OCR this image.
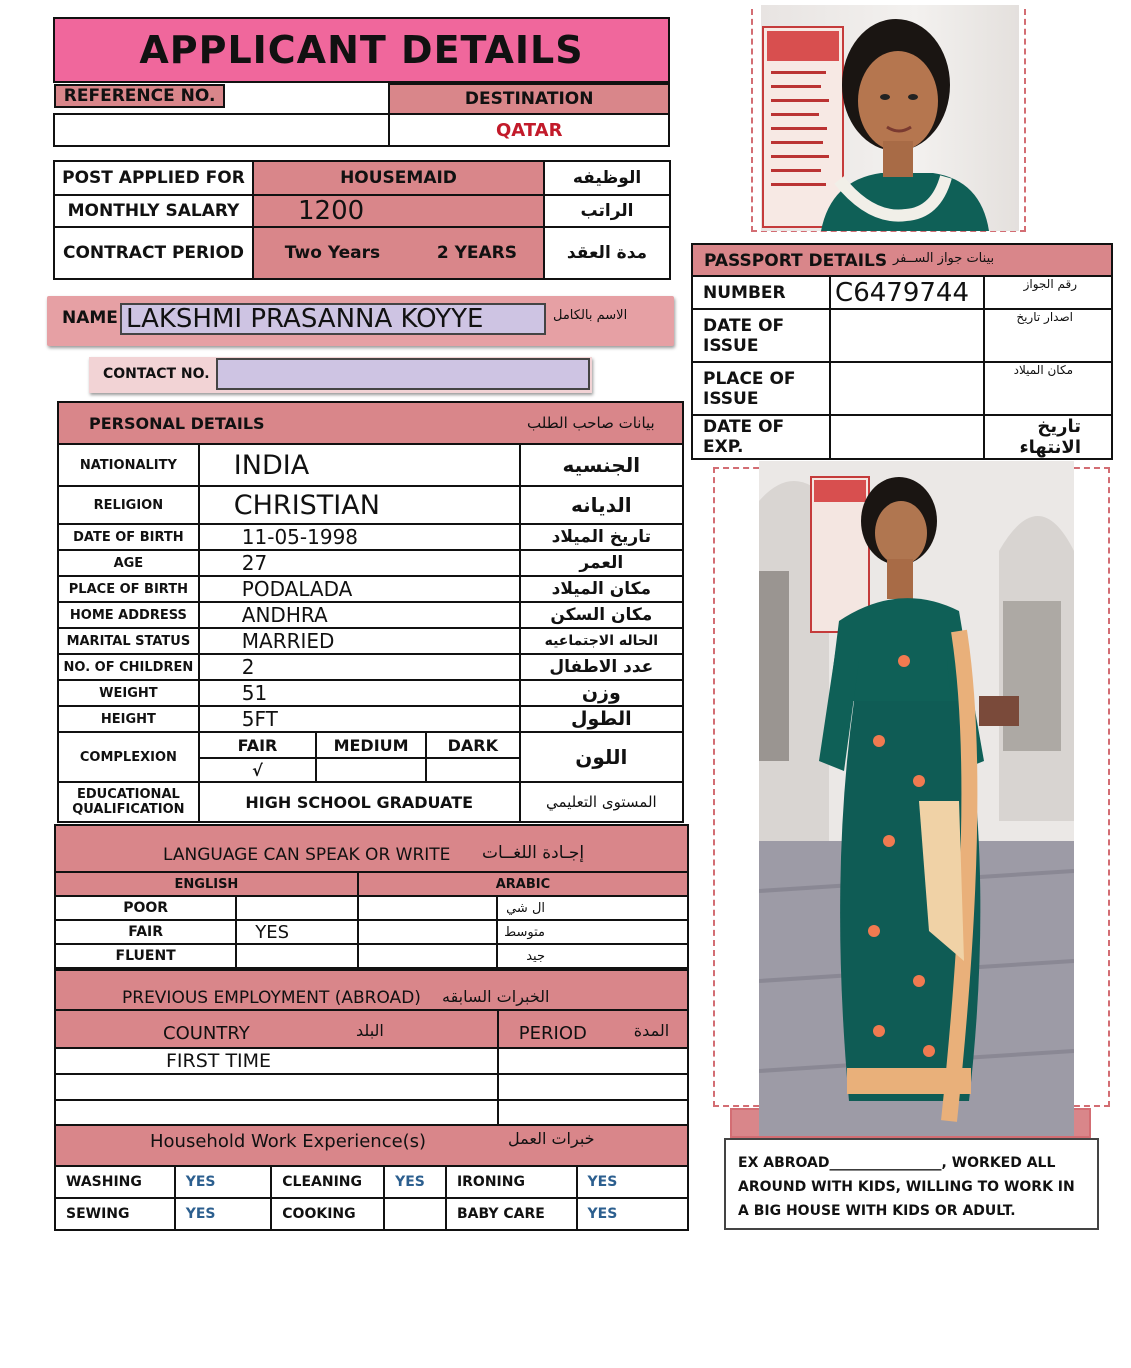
APPLICANT DETAILS
REFERENCE NO.	DESTINATION
	QATAR
POST APPLIED FOR	HOUSEMAID		الوظيفه
MONTHLY SALARY	1200		الراتب
CONTRACT PERIOD	Two Years	2 YEARS	مدة العقد
NAME LAKSHMI PRASANNA KOYYE	الاسم بالكامل
CONTACT NO.
PERSONAL DETAILS	بيانات صاحب الطلب
NATIONALITY	INDIA			الجنسيه
RELIGION	CHRISTIAN			الديانه
DATE OF BIRTH	11-05-1998			تاريخ الميلاد
AGE	27			العمر
PLACE OF BIRTH	PODALADA			مكان الميلاد
HOME ADDRESS	ANDHRA			مكان السكن
MARITAL STATUS	MARRIED			الحاله الاجتماعيه
NO. OF CHILDREN	2			عدد الاطفال
WEIGHT	51			وزن
HEIGHT	5FT			الطول
COMPLEXION	FAIR	MEDIUM	DARK	اللون
	√			
EDUCATIONAL QUALIFICATION	HIGH SCHOOL GRADUATE			المستوى التعليمي
LANGUAGE CAN SPEAK OR WRITE إجـادة اللغــات
ENGLISH		ARABIC	
POOR			ال شي
FAIR	YES		متوسط
FLUENT			جيد
PREVIOUS EMPLOYMENT (ABROAD) الخبرات السابقه
COUNTRY البلد	PERIOD المدة

FIRST TIME	

Household Work Experience(s)	خبرات العمل
WASHING	YES	CLEANING	YES	IRONING	YES
SEWING	YES	COOKING		BABY CARE	YES
PASSPORT DETAILS بينات جواز الســفر
NUMBER	C6479744	رقم الجواز
DATE OF ISSUE		اصدار تاريخ
PLACE OF ISSUE		مكان الميلاد
DATE OF EXP.		تاريخ الانتهاء
EX ABROAD________________, WORKED ALL AROUND WITH KIDS, WILLING TO WORK IN A BIG HOUSE WITH KIDS OR ADULT.
